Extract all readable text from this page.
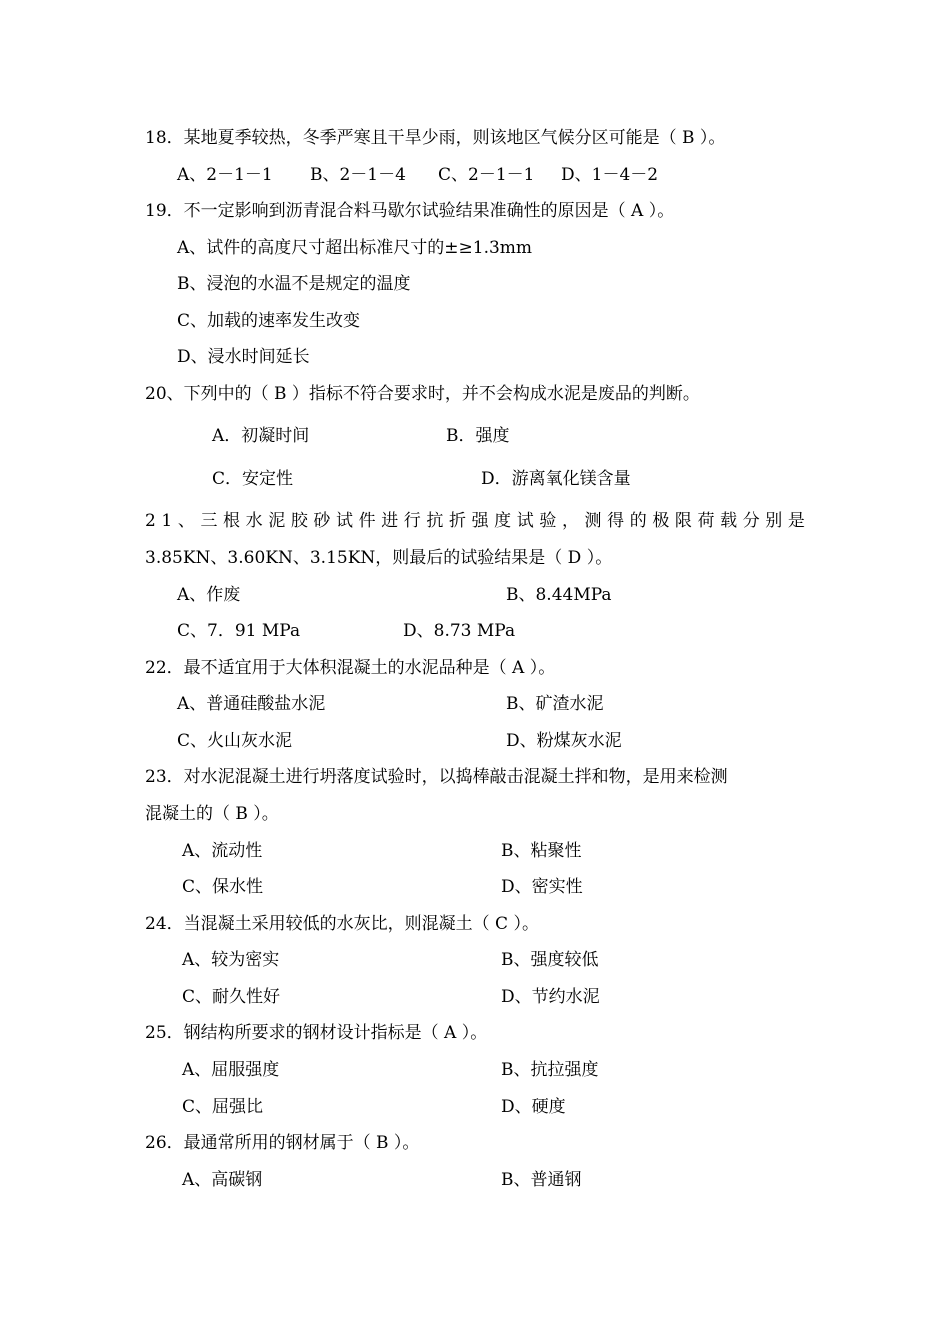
18．某地夏季较热，冬季严寒且干旱少雨，则该地区气候分区可能是（ B ）。
A、2－1－1 B、2－1－4 C、2－1－1 D、1－4－2
19．不一定影响到沥青混合料马歇尔试验结果准确性的原因是（ A ）。
A、试件的高度尺寸超出标准尺寸的±≥1.3mm
B、浸泡的水温不是规定的温度
C、加载的速率发生改变
D、浸水时间延长
20、下列中的（ B ）指标不符合要求时，并不会构成水泥是废品的判断。
A．初凝时间	B．强度
C．安定性	D．游离氧化镁含量
2 1 、 三 根 水 泥 胶 砂 试 件 进 行 抗 折 强 度 试 验 ， 测 得 的 极 限 荷 载 分 别 是
3.85KN、3.60KN、3.15KN，则最后的试验结果是（ D ）。
A、作废	B、8.44MPa
C、7．91 MPa	D、8.73 MPa
22．最不适宜用于大体积混凝土的水泥品种是（ A ）。
A、普通硅酸盐水泥	B、矿渣水泥
C、火山灰水泥	D、粉煤灰水泥
23．对水泥混凝土进行坍落度试验时，以捣棒敲击混凝土拌和物，是用来检测
混凝土的（ B ）。
A、流动性	B、粘聚性
C、保水性	D、密实性
24．当混凝土采用较低的水灰比，则混凝土（ C ）。
A、较为密实	B、强度较低
C、耐久性好	D、节约水泥
25．钢结构所要求的钢材设计指标是（ A ）。
A、屈服强度	B、抗拉强度
C、屈强比	D、硬度
26．最通常所用的钢材属于（ B ）。
A、高碳钢	B、普通钢
